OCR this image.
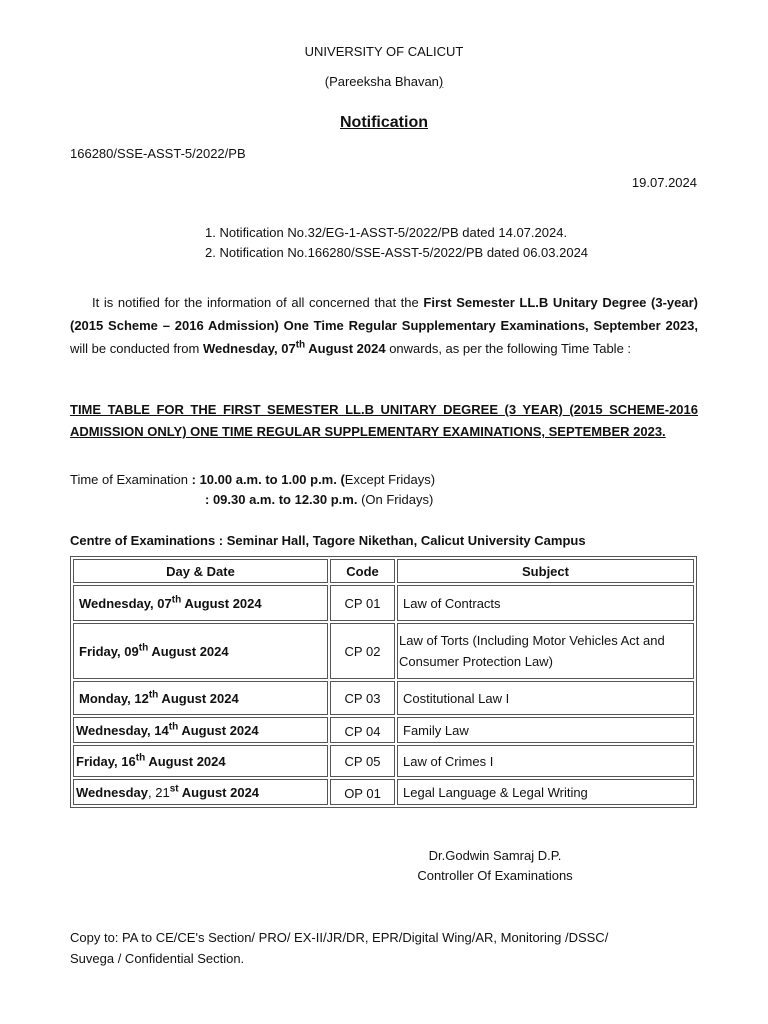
UNIVERSITY OF CALICUT
(Pareeksha Bhavan)
Notification
166280/SSE-ASST-5/2022/PB
19.07.2024
1. Notification No.32/EG-1-ASST-5/2022/PB dated 14.07.2024.
2. Notification No.166280/SSE-ASST-5/2022/PB dated 06.03.2024
It is notified for the information of all concerned that the First Semester LL.B Unitary Degree (3-year) (2015 Scheme – 2016 Admission) One Time Regular Supplementary Examinations, September 2023, will be conducted from Wednesday, 07th August 2024 onwards, as per the following Time Table :
TIME TABLE FOR THE FIRST SEMESTER LL.B UNITARY DEGREE (3 YEAR) (2015 SCHEME-2016 ADMISSION ONLY) ONE TIME REGULAR SUPPLEMENTARY EXAMINATIONS, SEPTEMBER 2023.
Time of Examination : 10.00 a.m. to 1.00 p.m. (Except Fridays)
: 09.30 a.m. to 12.30 p.m. (On Fridays)
Centre of Examinations : Seminar Hall, Tagore Nikethan, Calicut University Campus
Day & Date	Code	Subject
Wednesday, 07th August 2024	CP 01	Law of Contracts
Friday, 09th August 2024	CP 02	Law of Torts (Including Motor Vehicles Act and Consumer Protection Law)
Monday, 12th August 2024	CP 03	Costitutional Law I
Wednesday, 14th August 2024	CP 04	Family Law
Friday, 16th August 2024	CP 05	Law of Crimes I
Wednesday, 21st August 2024	OP 01	Legal Language & Legal Writing
Dr.Godwin Samraj D.P.
Controller Of Examinations
Copy to: PA to CE/CE's Section/ PRO/ EX-II/JR/DR, EPR/Digital Wing/AR, Monitoring /DSSC/
Suvega / Confidential Section.
